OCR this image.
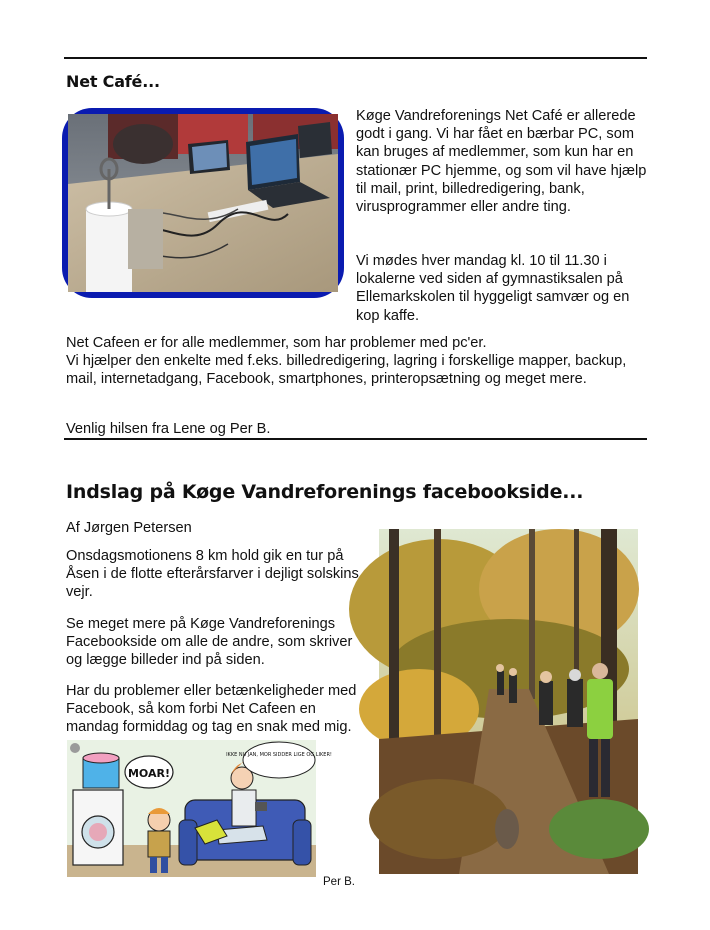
Net Café...

Køge Vandreforenings Net Café er allerede godt i gang. Vi har fået en bærbar PC, som kan bruges af medlemmer, som kun har en stationær PC hjemme, og som vil have hjælp til mail, print, billedredigering, bank, virusprogrammer eller andre ting.

Vi mødes hver mandag kl. 10 til 11.30 i lokalerne ved siden af gymnastiksalen på Ellemarkskolen til hyggeligt samvær og en kop kaffe.

Net Cafeen er for alle medlemmer, som har problemer med pc'er.

Vi hjælper den enkelte med f.eks. billedredigering, lagring i forskellige mapper, backup, mail, internetadgang, Facebook, smartphones, printeropsætning og meget mere.

Venlig hilsen fra Lene og Per B.

Indslag på Køge Vandreforenings facebookside...

Af Jørgen Petersen

Onsdagsmotionens 8 km hold gik en tur på Åsen i de flotte efterårsfarver i dejligt solskins vejr.

Se meget mere på Køge Vandreforenings Facebookside om alle de andre, som skriver og lægge billeder ind på siden.

Har du problemer eller betænkeligheder med Facebook, så kom forbi Net Cafeen en mandag formiddag og tag en snak med mig.

MOAR!
IKKE NU JAN, MOR SIDDER LIGE OG LIKER!
Per B.
